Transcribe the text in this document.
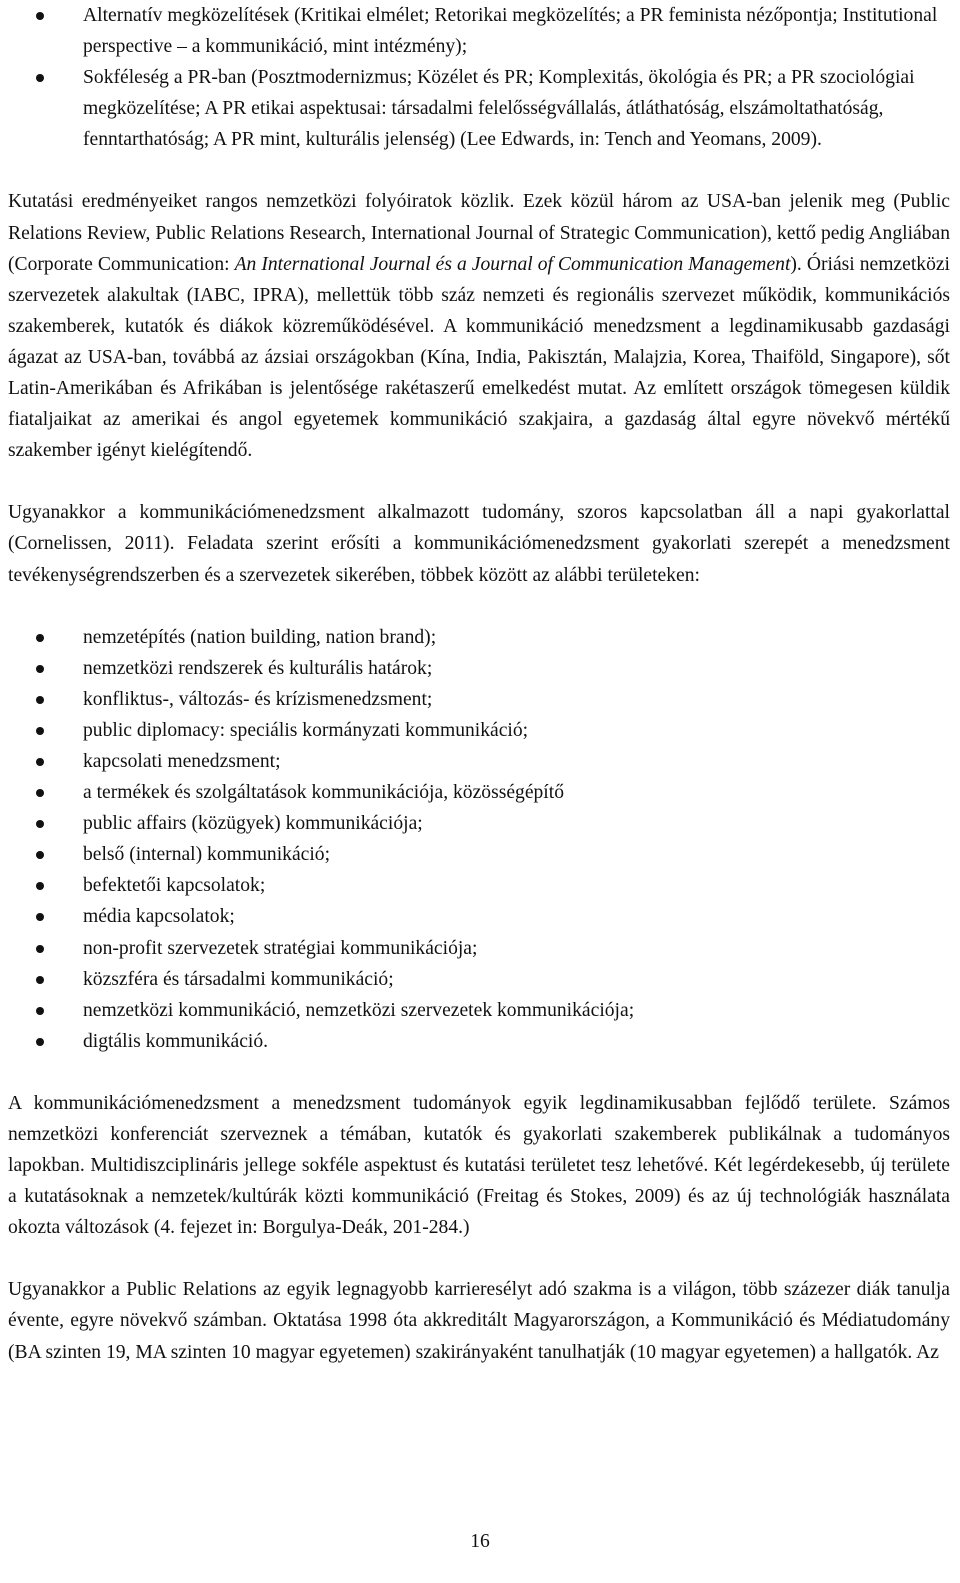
Alternatív megközelítések (Kritikai elmélet; Retorikai megközelítés; a PR feminista nézőpontja; Institutional perspective – a kommunikáció, mint intézmény);
Sokféleség a PR-ban (Posztmodernizmus; Közélet és PR; Komplexitás, ökológia és PR; a PR szociológiai megközelítése; A PR etikai aspektusai: társadalmi felelősségvállalás, átláthatóság, elszámoltathatóság, fenntarthatóság; A PR mint, kulturális jelenség) (Lee Edwards, in: Tench and Yeomans, 2009).

Kutatási eredményeiket rangos nemzetközi folyóiratok közlik. Ezek közül három az USA-ban jelenik meg (Public Relations Review, Public Relations Research, International Journal of Strategic Communication), kettő pedig Angliában (Corporate Communication: An International Journal és a Journal of Communication Management). Óriási nemzetközi szervezetek alakultak (IABC, IPRA), mellettük több száz nemzeti és regionális szervezet működik, kommunikációs szakemberek, kutatók és diákok közreműködésével. A kommunikáció menedzsment a legdinamikusabb gazdasági ágazat az USA-ban, továbbá az ázsiai országokban (Kína, India, Pakisztán, Malajzia, Korea, Thaiföld, Singapore), sőt Latin-Amerikában és Afrikában is jelentősége rakétaszerű emelkedést mutat. Az említett országok tömegesen küldik fiataljaikat az amerikai és angol egyetemek kommunikáció szakjaira, a gazdaság által egyre növekvő mértékű szakember igényt kielégítendő.

Ugyanakkor a kommunikációmenedzsment alkalmazott tudomány, szoros kapcsolatban áll a napi gyakorlattal (Cornelissen, 2011). Feladata szerint erősíti a kommunikációmenedzsment gyakorlati szerepét a menedzsment tevékenységrendszerben és a szervezetek sikerében, többek között az alábbi területeken:

nemzetépítés (nation building, nation brand);
nemzetközi rendszerek és kulturális határok;
konfliktus-, változás- és krízismenedzsment;
public diplomacy: speciális kormányzati kommunikáció;
kapcsolati menedzsment;
a termékek és szolgáltatások kommunikációja, közösségépítő
public affairs (közügyek) kommunikációja;
belső (internal) kommunikáció;
befektetői kapcsolatok;
média kapcsolatok;
non-profit szervezetek stratégiai kommunikációja;
közszféra és társadalmi kommunikáció;
nemzetközi kommunikáció, nemzetközi szervezetek kommunikációja;
digtális kommunikáció.

A kommunikációmenedzsment a menedzsment tudományok egyik legdinamikusabban fejlődő területe. Számos nemzetközi konferenciát szerveznek a témában, kutatók és gyakorlati szakemberek publikálnak a tudományos lapokban. Multidiszciplináris jellege sokféle aspektust és kutatási területet tesz lehetővé. Két legérdekesebb, új területe a kutatásoknak a nemzetek/kultúrák közti kommunikáció (Freitag és Stokes, 2009) és az új technológiák használata okozta változások (4. fejezet in: Borgulya-Deák, 201-284.)

Ugyanakkor a Public Relations az egyik legnagyobb karrieresélyt adó szakma is a világon, több százezer diák tanulja évente, egyre növekvő számban. Oktatása 1998 óta akkreditált Magyarországon, a Kommunikáció és Médiatudomány (BA szinten 19, MA szinten 10 magyar egyetemen) szakirányaként tanulhatják (10 magyar egyetemen) a hallgatók. Az

16
